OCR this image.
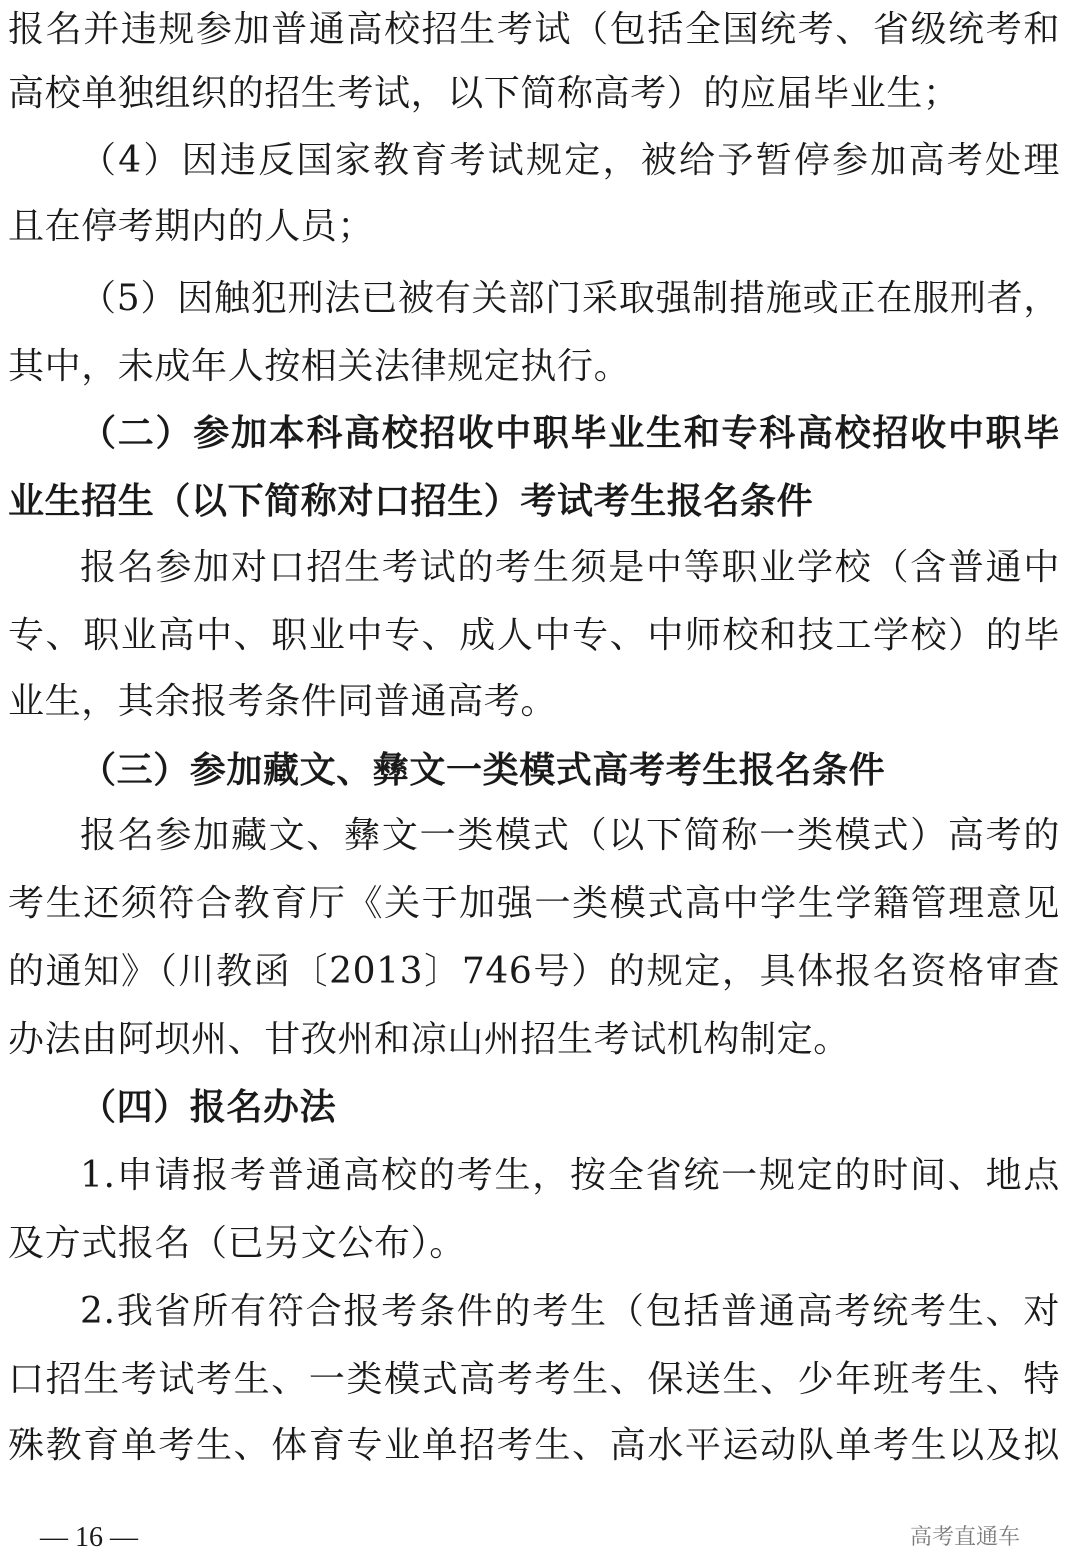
报名并违规参加普通高校招生考试（包括全国统考、省级统考和
高校单独组织的招生考试，以下简称高考）的应届毕业生；
（4）因违反国家教育考试规定，被给予暂停参加高考处理
且在停考期内的人员；
（5）因触犯刑法已被有关部门采取强制措施或正在服刑者，
其中，未成年人按相关法律规定执行。
（二）参加本科高校招收中职毕业生和专科高校招收中职毕
业生招生（以下简称对口招生）考试考生报名条件
报名参加对口招生考试的考生须是中等职业学校（含普通中
专、职业高中、职业中专、成人中专、中师校和技工学校）的毕
业生，其余报考条件同普通高考。
（三）参加藏文、彝文一类模式高考考生报名条件
报名参加藏文、彝文一类模式（以下简称一类模式）高考的
考生还须符合教育厅《关于加强一类模式高中学生学籍管理意见
的通知》（川教函〔2013〕746号）的规定，具体报名资格审查
办法由阿坝州、甘孜州和凉山州招生考试机构制定。
（四）报名办法
1.申请报考普通高校的考生，按全省统一规定的时间、地点
及方式报名（已另文公布）。
2.我省所有符合报考条件的考生（包括普通高考统考生、对
口招生考试考生、一类模式高考考生、保送生、少年班考生、特
殊教育单考生、体育专业单招考生、高水平运动队单考生以及拟
— 16 —	高考直通车
